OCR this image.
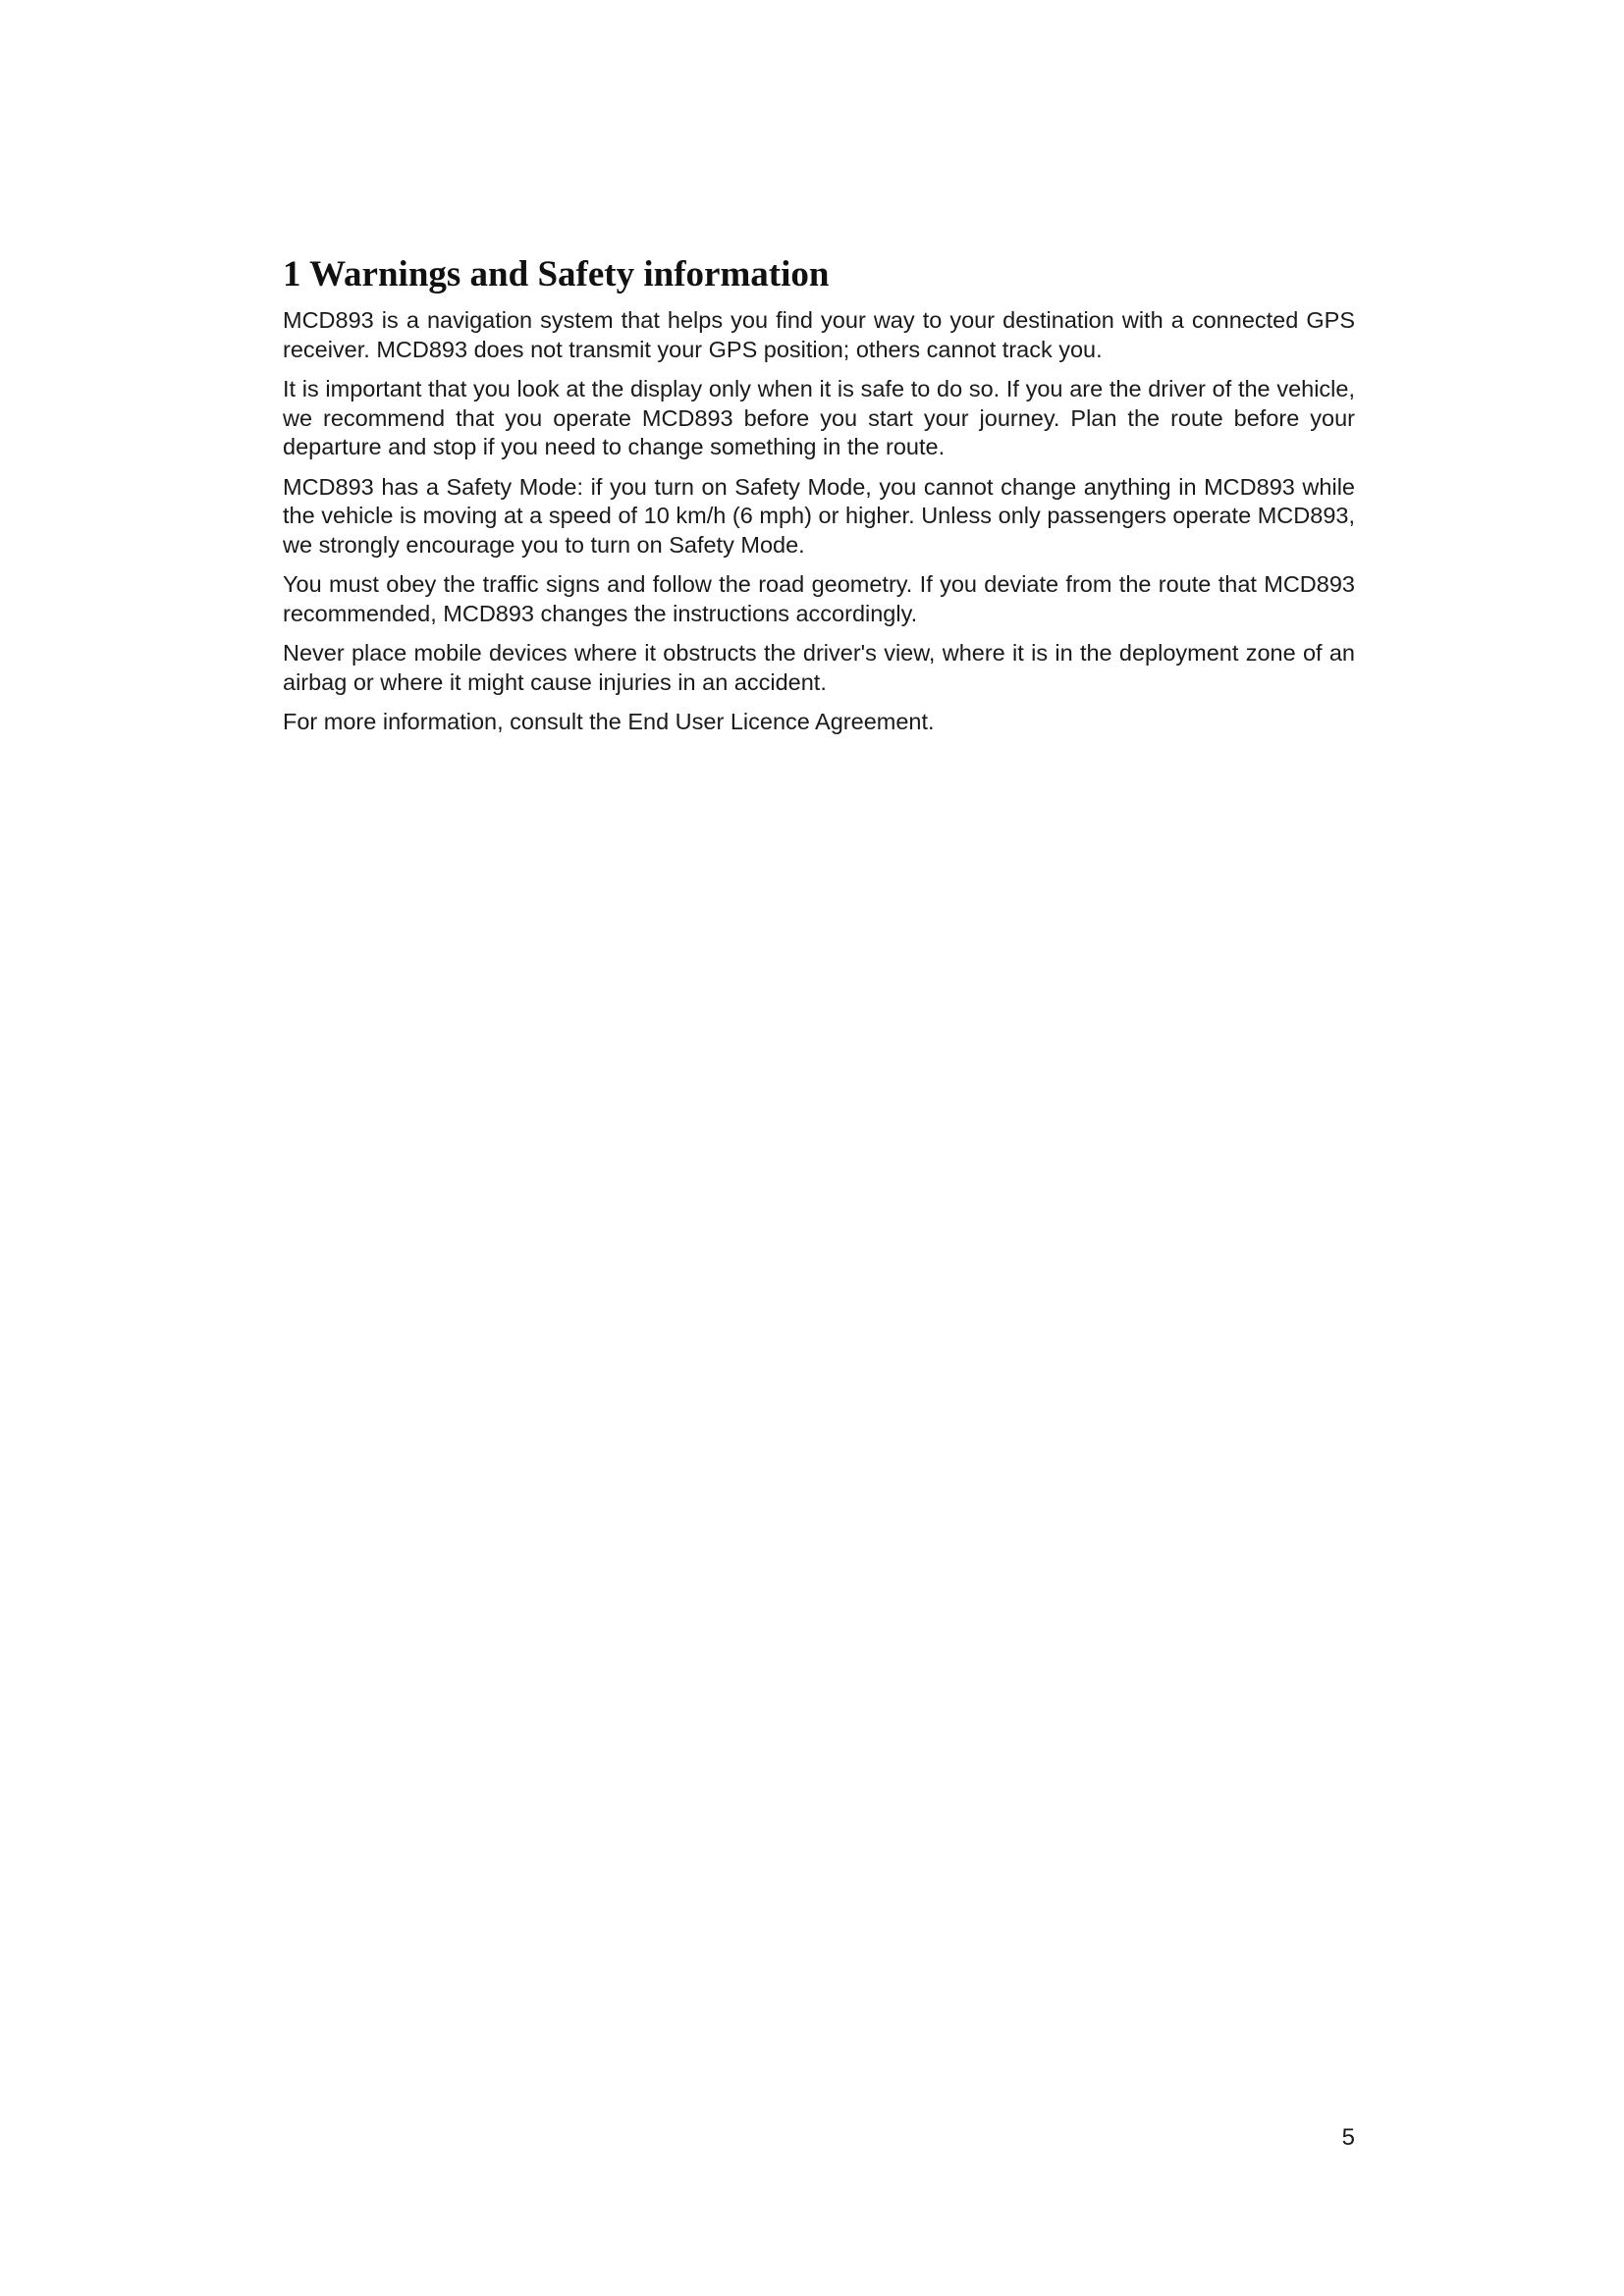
1 Warnings and Safety information

MCD893 is a navigation system that helps you find your way to your destination with a connected GPS receiver. MCD893 does not transmit your GPS position; others cannot track you.

It is important that you look at the display only when it is safe to do so. If you are the driver of the vehicle, we recommend that you operate MCD893 before you start your journey. Plan the route before your departure and stop if you need to change something in the route.

MCD893 has a Safety Mode: if you turn on Safety Mode, you cannot change anything in MCD893 while the vehicle is moving at a speed of 10 km/h (6 mph) or higher. Unless only passengers operate MCD893, we strongly encourage you to turn on Safety Mode.

You must obey the traffic signs and follow the road geometry. If you deviate from the route that MCD893 recommended, MCD893 changes the instructions accordingly.

Never place mobile devices where it obstructs the driver's view, where it is in the deployment zone of an airbag or where it might cause injuries in an accident.

For more information, consult the End User Licence Agreement.

5
